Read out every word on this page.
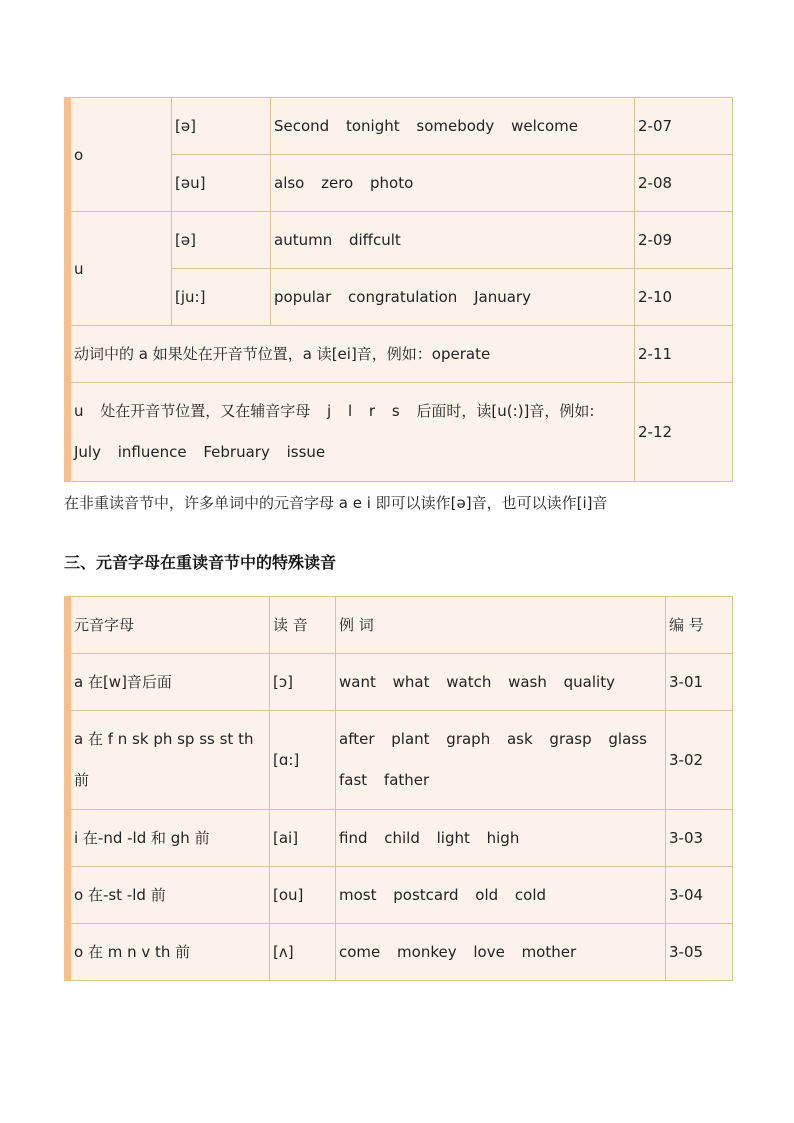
o	[ə]	Second tonight somebody welcome	2-07
	[əu]	also zero photo	2-08
u	[ə]	autumn diffcult	2-09
	[ju:]	popular congratulation January	2-10
动词中的 a 如果处在开音节位置，a 读[ei]音，例如：operate			2-11
u 处在开音节位置，又在辅音字母 j l r s 后面时，读[u(:)]音，例如: July influence February issue			2-12
在非重读音节中，许多单词中的元音字母 a e i 即可以读作[ə]音，也可以读作[i]音
三、元音字母在重读音节中的特殊读音
元音字母	读 音	例 词	编 号
a 在[w]音后面	[ɔ]	want what watch wash quality	3-01
a 在 f n sk ph sp ss st th 前	[ɑ:]	after plant graph ask grasp glass fast father	3-02
i 在-nd -ld 和 gh 前	[ai]	find child light high	3-03
o 在-st -ld 前	[ou]	most postcard old cold	3-04
o 在 m n v th 前	[ʌ]	come monkey love mother	3-05
